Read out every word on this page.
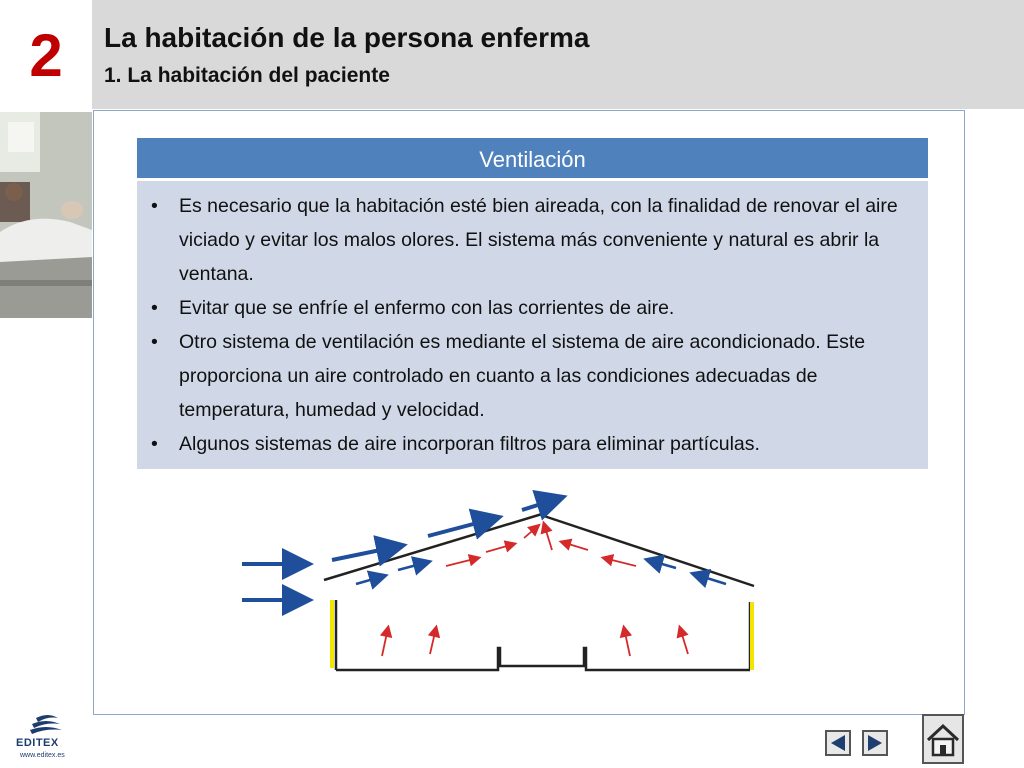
2	La habitación de la persona enferma
1. La habitación del paciente
Ventilación
• Es necesario que la habitación esté bien aireada, con la finalidad de renovar el aire viciado y evitar los malos olores. El sistema más conveniente y natural es abrir la ventana.
• Evitar que se enfríe el enfermo con las corrientes de aire.
• Otro sistema de ventilación es mediante el sistema de aire acondicionado. Este proporciona un aire controlado en cuanto a las condiciones adecuadas de temperatura, humedad y velocidad.
• Algunos sistemas de aire incorporan filtros para eliminar partículas.
EDITEX
www.editex.es
